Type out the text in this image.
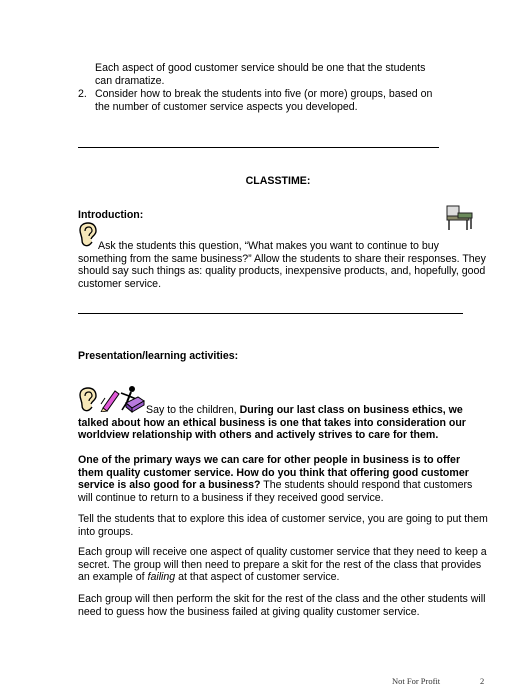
Each aspect of good customer service should be one that the students can dramatize.

2. Consider how to break the students into five (or more) groups, based on the number of customer service aspects you developed.

CLASSTIME:
Introduction:

Ask the students this question, “What makes you want to continue to buy something from the same business?” Allow the students to share their responses. They should say such things as: quality products, inexpensive products, and, hopefully, good customer service.

Presentation/learning activities:

Say to the children, During our last class on business ethics, we talked about how an ethical business is one that takes into consideration our worldview relationship with others and actively strives to care for them.

One of the primary ways we can care for other people in business is to offer them quality customer service. How do you think that offering good customer service is also good for a business? The students should respond that customers will continue to return to a business if they received good service.

Tell the students that to explore this idea of customer service, you are going to put them into groups.

Each group will receive one aspect of quality customer service that they need to keep a secret. The group will then need to prepare a skit for the rest of the class that provides an example of failing at that aspect of customer service.

Each group will then perform the skit for the rest of the class and the other students will need to guess how the business failed at giving quality customer service.

Not For Profit	2
